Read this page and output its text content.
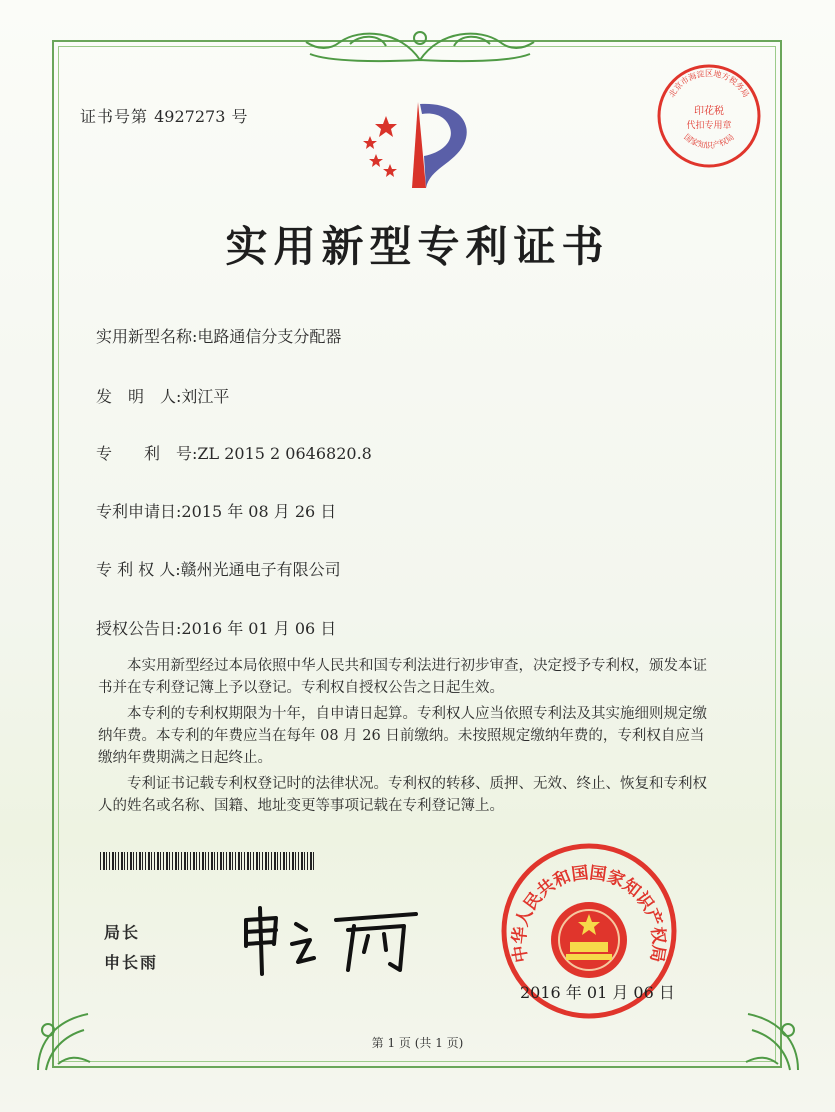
证书号第 4927273 号
实用新型专利证书
实用新型名称:电路通信分支分配器
发　明　人:刘江平
专　　利　号:ZL 2015 2 0646820.8
专利申请日:2015 年 08 月 26 日
专 利 权 人:赣州光通电子有限公司
授权公告日:2016 年 01 月 06 日

本实用新型经过本局依照中华人民共和国专利法进行初步审查，决定授予专利权，颁发本证书并在专利登记簿上予以登记。专利权自授权公告之日起生效。

本专利的专利权期限为十年，自申请日起算。专利权人应当依照专利法及其实施细则规定缴纳年费。本专利的年费应当在每年 08 月 26 日前缴纳。未按照规定缴纳年费的，专利权自应当缴纳年费期满之日起终止。

专利证书记载专利权登记时的法律状况。专利权的转移、质押、无效、终止、恢复和专利权人的姓名或名称、国籍、地址变更等事项记载在专利登记簿上。

局长
申长雨
北京市海淀区地方税务局
印花税
代扣专用章
国家知识产权局
中华人民共和国国家知识产权局
2016 年 01 月 06 日
第 1 页 (共 1 页)
